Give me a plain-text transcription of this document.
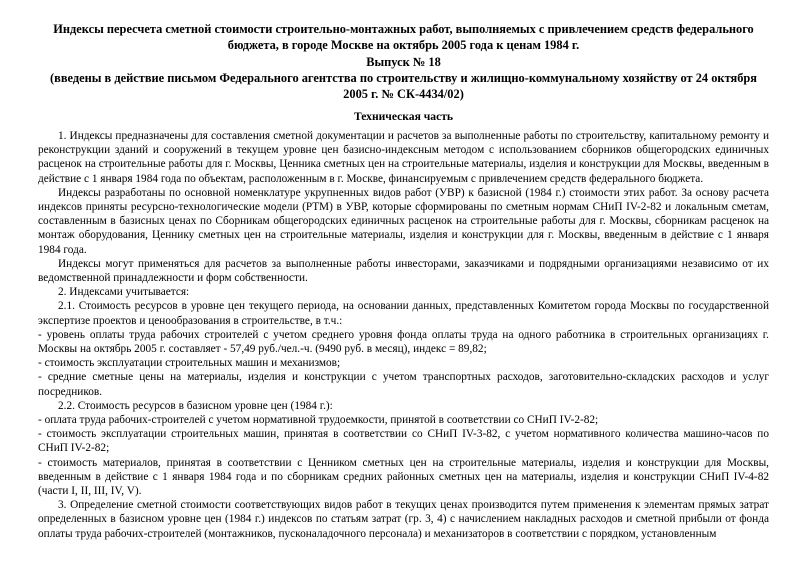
Индексы пересчета сметной стоимости строительно-монтажных работ, выполняемых с привлечением средств федерального бюджета, в городе Москве на октябрь 2005 года к ценам 1984 г.
Выпуск № 18
(введены в действие письмом Федерального агентства по строительству и жилищно-коммунальному хозяйству от 24 октября 2005 г. № СК-4434/02)
Техническая часть

1. Индексы предназначены для составления сметной документации и расчетов за выполненные работы по строительству, капитальному ремонту и реконструкции зданий и сооружений в текущем уровне цен базисно-индексным методом с использованием сборников общегородских единичных расценок на строительные работы для г. Москвы, Ценника сметных цен на строительные материалы, изделия и конструкции для Москвы, введенным в действие с 1 января 1984 года по объектам, расположенным в г. Москве, финансируемым с привлечением средств федерального бюджета.

Индексы разработаны по основной номенклатуре укрупненных видов работ (УВР) к базисной (1984 г.) стоимости этих работ. За основу расчета индексов приняты ресурсно-технологические модели (РТМ) в УВР, которые сформированы по сметным нормам СНиП IV-2-82 и локальным сметам, составленным в базисных ценах по Сборникам общегородских единичных расценок на строительные работы для г. Москвы, сборникам расценок на монтаж оборудования, Ценнику сметных цен на строительные материалы, изделия и конструкции для г. Москвы, введенным в действие с 1 января 1984 года.

Индексы могут применяться для расчетов за выполненные работы инвесторами, заказчиками и подрядными организациями независимо от их ведомственной принадлежности и форм собственности.

2. Индексами учитывается:

2.1. Стоимость ресурсов в уровне цен текущего периода, на основании данных, представленных Комитетом города Москвы по государственной экспертизе проектов и ценообразования в строительстве, в т.ч.:

- уровень оплаты труда рабочих строителей с учетом среднего уровня фонда оплаты труда на одного работника в строительных организациях г. Москвы на октябрь 2005 г. составляет - 57,49 руб./чел.-ч. (9490 руб. в месяц), индекс = 89,82;

- стоимость эксплуатации строительных машин и механизмов;

- средние сметные цены на материалы, изделия и конструкции с учетом транспортных расходов, заготовительно-складских расходов и услуг посредников.

2.2. Стоимость ресурсов в базисном уровне цен (1984 г.):

- оплата труда рабочих-строителей с учетом нормативной трудоемкости, принятой в соответствии со СНиП IV-2-82;

- стоимость эксплуатации строительных машин, принятая в соответствии со СНиП IV-3-82, с учетом нормативного количества машино-часов по СНиП IV-2-82;

- стоимость материалов, принятая в соответствии с Ценником сметных цен на строительные материалы, изделия и конструкции для Москвы, введенным в действие с 1 января 1984 года и по сборникам средних районных сметных цен на материалы, изделия и конструкции СНиП IV-4-82 (части I, II, III, IV, V).

3. Определение сметной стоимости соответствующих видов работ в текущих ценах производится путем применения к элементам прямых затрат определенных в базисном уровне цен (1984 г.) индексов по статьям затрат (гр. 3, 4) с начислением накладных расходов и сметной прибыли от фонда оплаты труда рабочих-строителей (монтажников, пусконаладочного персонала) и механизаторов в соответствии с порядком, установленным
